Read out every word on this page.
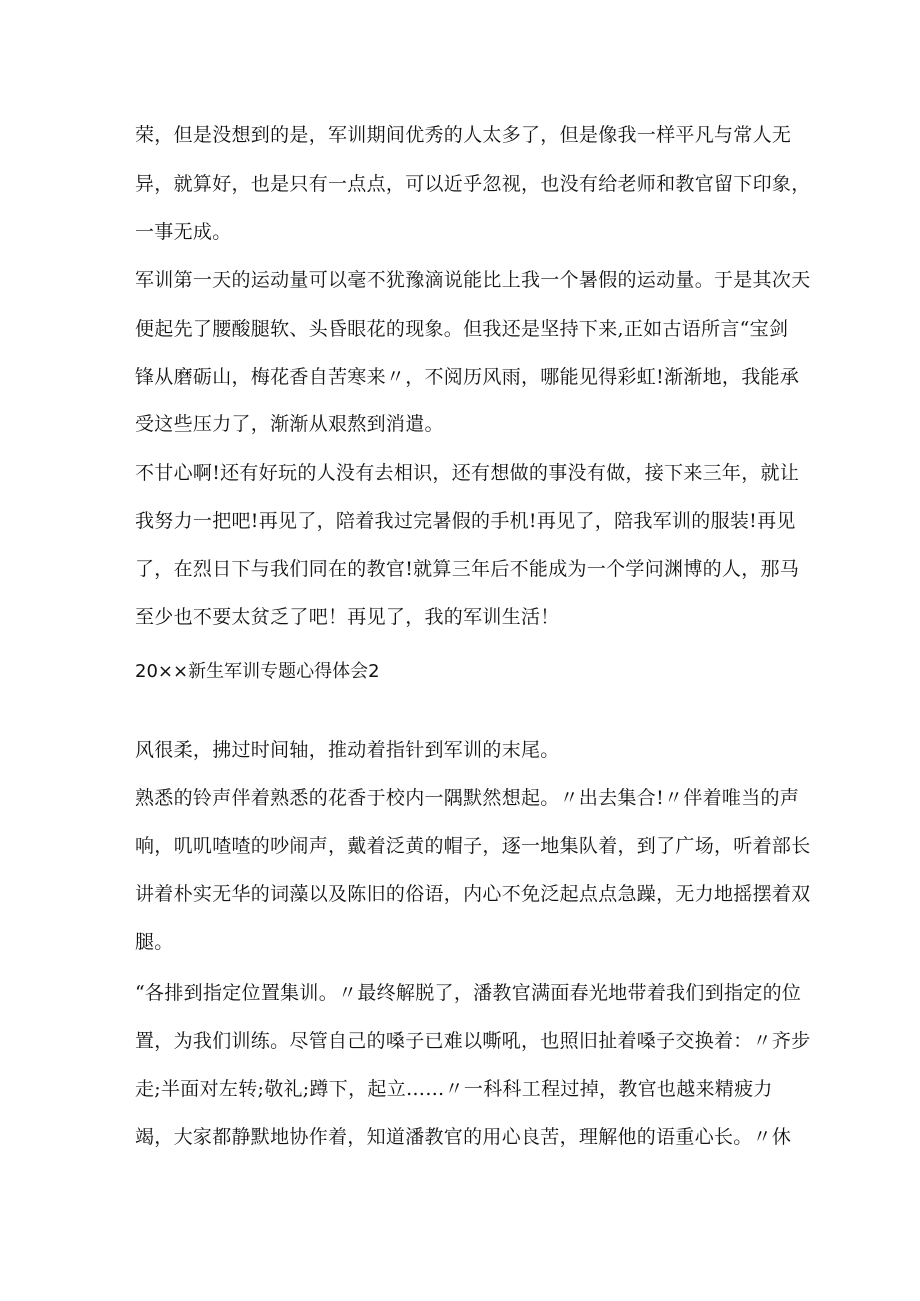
荣，但是没想到的是，军训期间优秀的人太多了，但是像我一样平凡与常人无
异，就算好，也是只有一点点，可以近乎忽视，也没有给老师和教官留下印象，
一事无成。
军训第一天的运动量可以毫不犹豫滴说能比上我一个暑假的运动量。于是其次天
便起先了腰酸腿软、头昏眼花的现象。但我还是坚持下来,正如古语所言“宝剑
锋从磨砺山，梅花香自苦寒来〃，不阅历风雨，哪能见得彩虹!渐渐地，我能承
受这些压力了，渐渐从艰熬到消遣。
不甘心啊!还有好玩的人没有去相识，还有想做的事没有做，接下来三年，就让
我努力一把吧!再见了，陪着我过完暑假的手机!再见了，陪我军训的服装!再见
了，在烈日下与我们同在的教官!就算三年后不能成为一个学问渊博的人，那马
至少也不要太贫乏了吧！再见了，我的军训生活！
20××新生军训专题心得体会2
风很柔，拂过时间轴，推动着指针到军训的末尾。
熟悉的铃声伴着熟悉的花香于校内一隅默然想起。〃出去集合!〃伴着唯当的声
响，叽叽喳喳的吵闹声，戴着泛黄的帽子，逐一地集队着，到了广场，听着部长
讲着朴实无华的词藻以及陈旧的俗语，内心不免泛起点点急躁，无力地摇摆着双
腿。
“各排到指定位置集训。〃最终解脱了，潘教官满面春光地带着我们到指定的位
置，为我们训练。尽管自己的嗓子已难以嘶吼，也照旧扯着嗓子交换着：〃齐步
走;半面对左转;敬礼;蹲下，起立……〃一科科工程过掉，教官也越来精疲力
竭，大家都静默地协作着，知道潘教官的用心良苦，理解他的语重心长。〃休
